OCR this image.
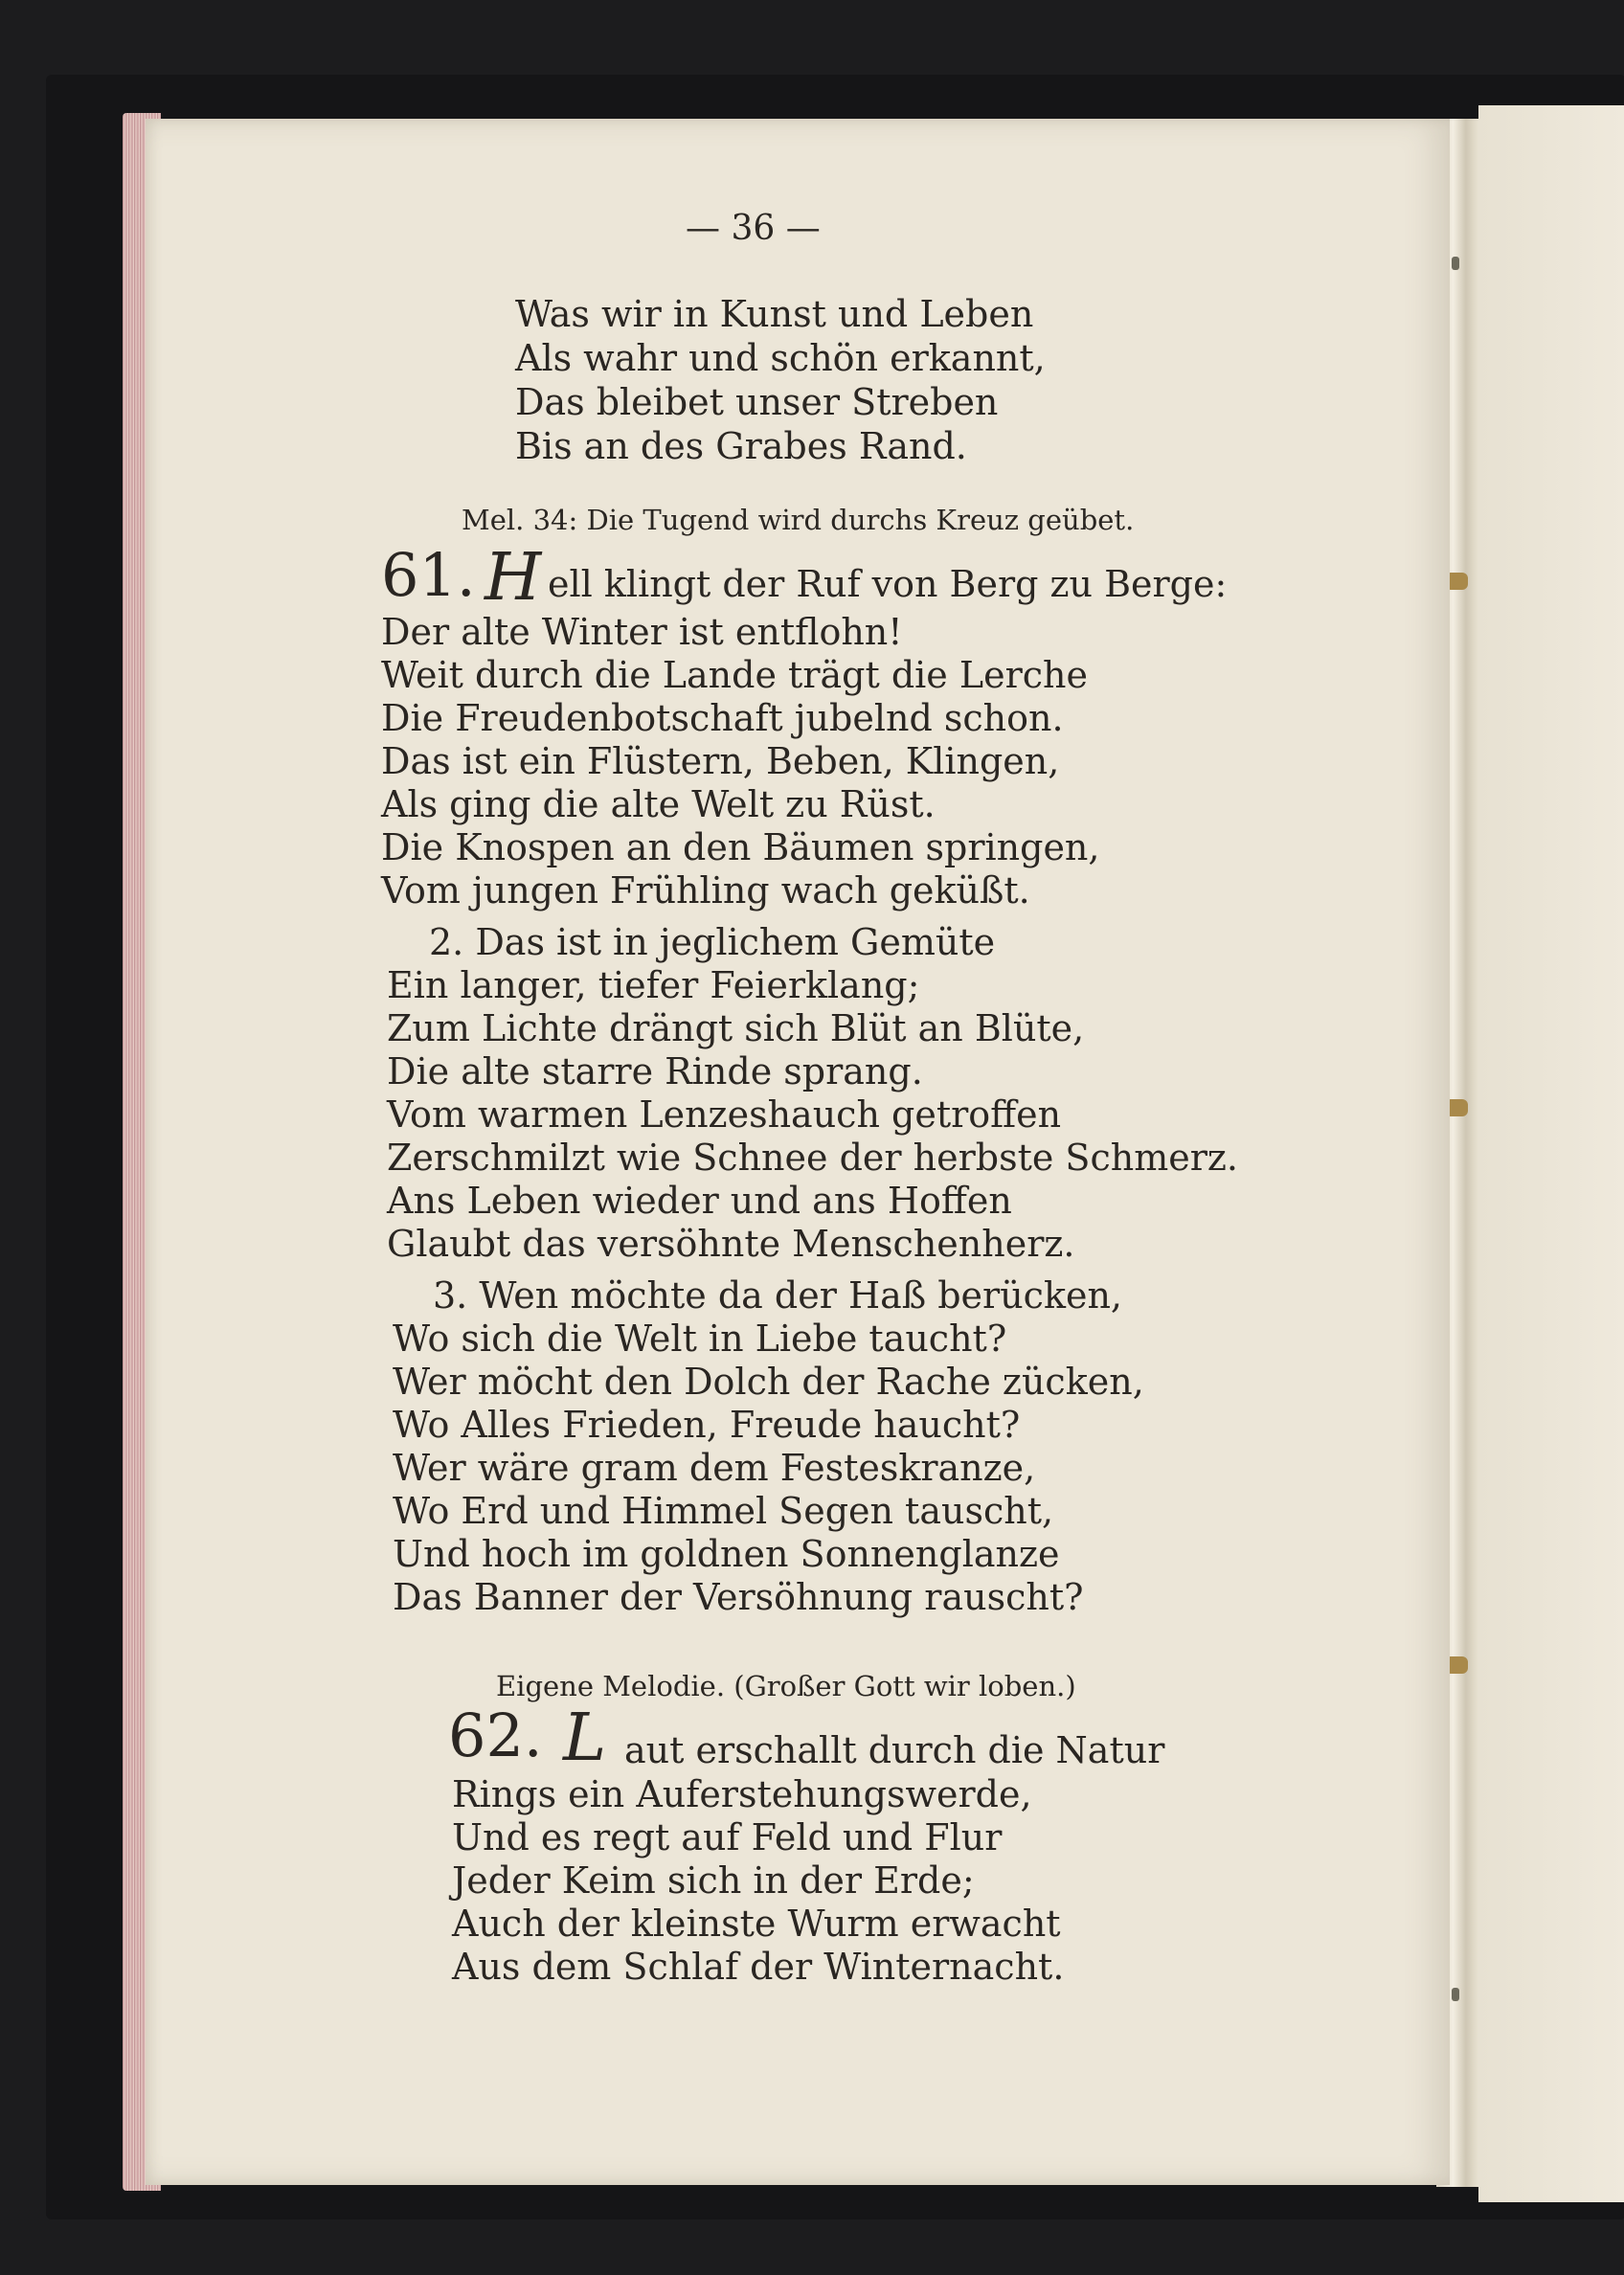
— 36 —
Was wir in Kunst und Leben
Als wahr und schön erkannt,
Das bleibet unser Streben
Bis an des Grabes Rand.
Mel. 34: Die Tugend wird durchs Kreuz geübet.
61. H ell klingt der Ruf von Berg zu Berge:
Der alte Winter ist entflohn!
Weit durch die Lande trägt die Lerche
Die Freudenbotschaft jubelnd schon.
Das ist ein Flüstern, Beben, Klingen,
Als ging die alte Welt zu Rüst.
Die Knospen an den Bäumen springen,
Vom jungen Frühling wach geküßt.
2. Das ist in jeglichem Gemüte
Ein langer, tiefer Feierklang;
Zum Lichte drängt sich Blüt an Blüte,
Die alte starre Rinde sprang.
Vom warmen Lenzeshauch getroffen
Zerschmilzt wie Schnee der herbste Schmerz.
Ans Leben wieder und ans Hoffen
Glaubt das versöhnte Menschenherz.
3. Wen möchte da der Haß berücken,
Wo sich die Welt in Liebe taucht?
Wer möcht den Dolch der Rache zücken,
Wo Alles Frieden, Freude haucht?
Wer wäre gram dem Festeskranze,
Wo Erd und Himmel Segen tauscht,
Und hoch im goldnen Sonnenglanze
Das Banner der Versöhnung rauscht?
Eigene Melodie. (Großer Gott wir loben.)
62. L aut erschallt durch die Natur
Rings ein Auferstehungswerde,
Und es regt auf Feld und Flur
Jeder Keim sich in der Erde;
Auch der kleinste Wurm erwacht
Aus dem Schlaf der Winternacht.
